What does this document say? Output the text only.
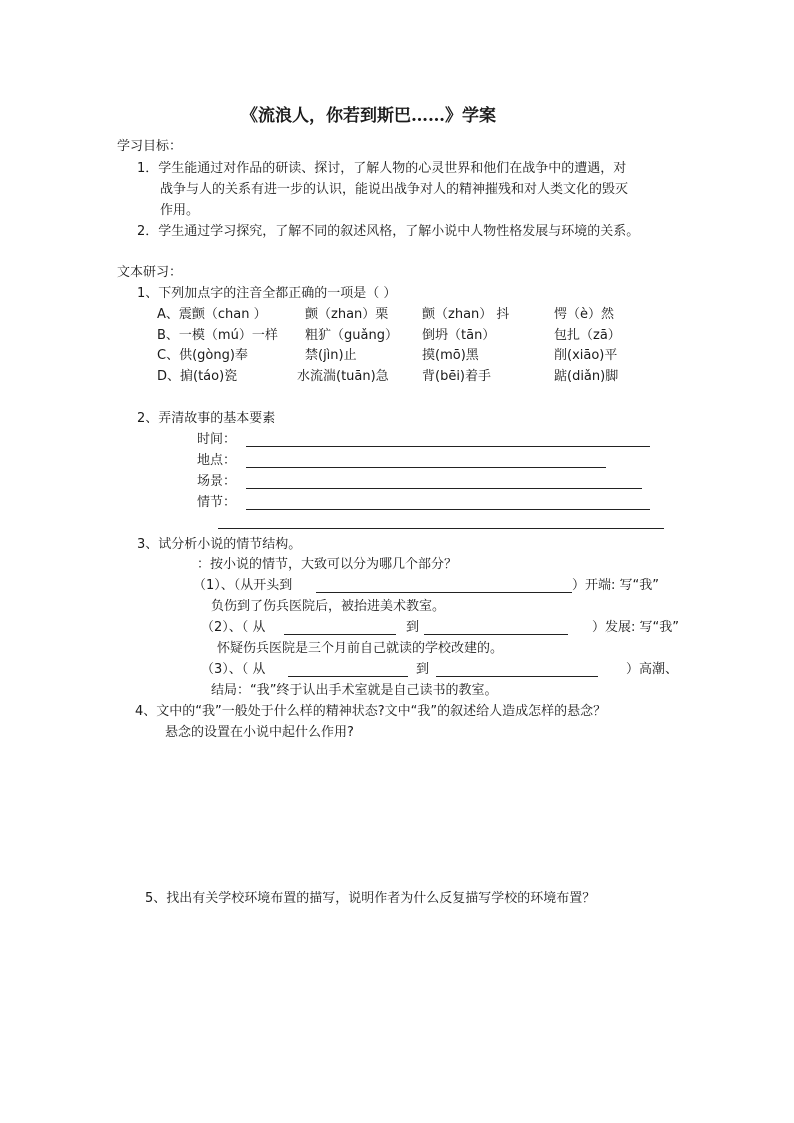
《流浪人，你若到斯巴……》学案
学习目标：
1．学生能通过对作品的研读、探讨，了解人物的心灵世界和他们在战争中的遭遇，对
战争与人的关系有进一步的认识，能说出战争对人的精神摧残和对人类文化的毁灭
作用。
2．学生通过学习探究，了解不同的叙述风格，了解小说中人物性格发展与环境的关系。
文本研习：
1、下列加点字的注音全都正确的一项是（ ）
A、震颤（chan ）	颤（zhan）栗	颤（zhan） 抖	愕（è）然
B、一模（mú）一样 粗犷（guǎng） 倒坍（tān）	包扎（zā）
C、供(gòng)奉	禁(jìn)止	摸(mō)黑	削(xiāo)平
D、掮(táo)瓷	水流湍(tuān)急	背(bēi)着手	踮(diǎn)脚
2、弄清故事的基本要素
时间：
地点：
场景：
情节：
3、试分析小说的情节结构。
：按小说的情节，大致可以分为哪几个部分？
（1）、（从开头到	）开端: 写“我”
负伤到了伤兵医院后，被抬进美术教室。
（2）、（ 从	到	）发展: 写“我”
怀疑伤兵医院是三个月前自己就读的学校改建的。
（3）、（ 从	到	）高潮、
结局：“我”终于认出手术室就是自己读书的教室。
4、文中的“我”一般处于什么样的精神状态?文中“我”的叙述给人造成怎样的悬念？
悬念的设置在小说中起什么作用?
5、找出有关学校环境布置的描写，说明作者为什么反复描写学校的环境布置？
